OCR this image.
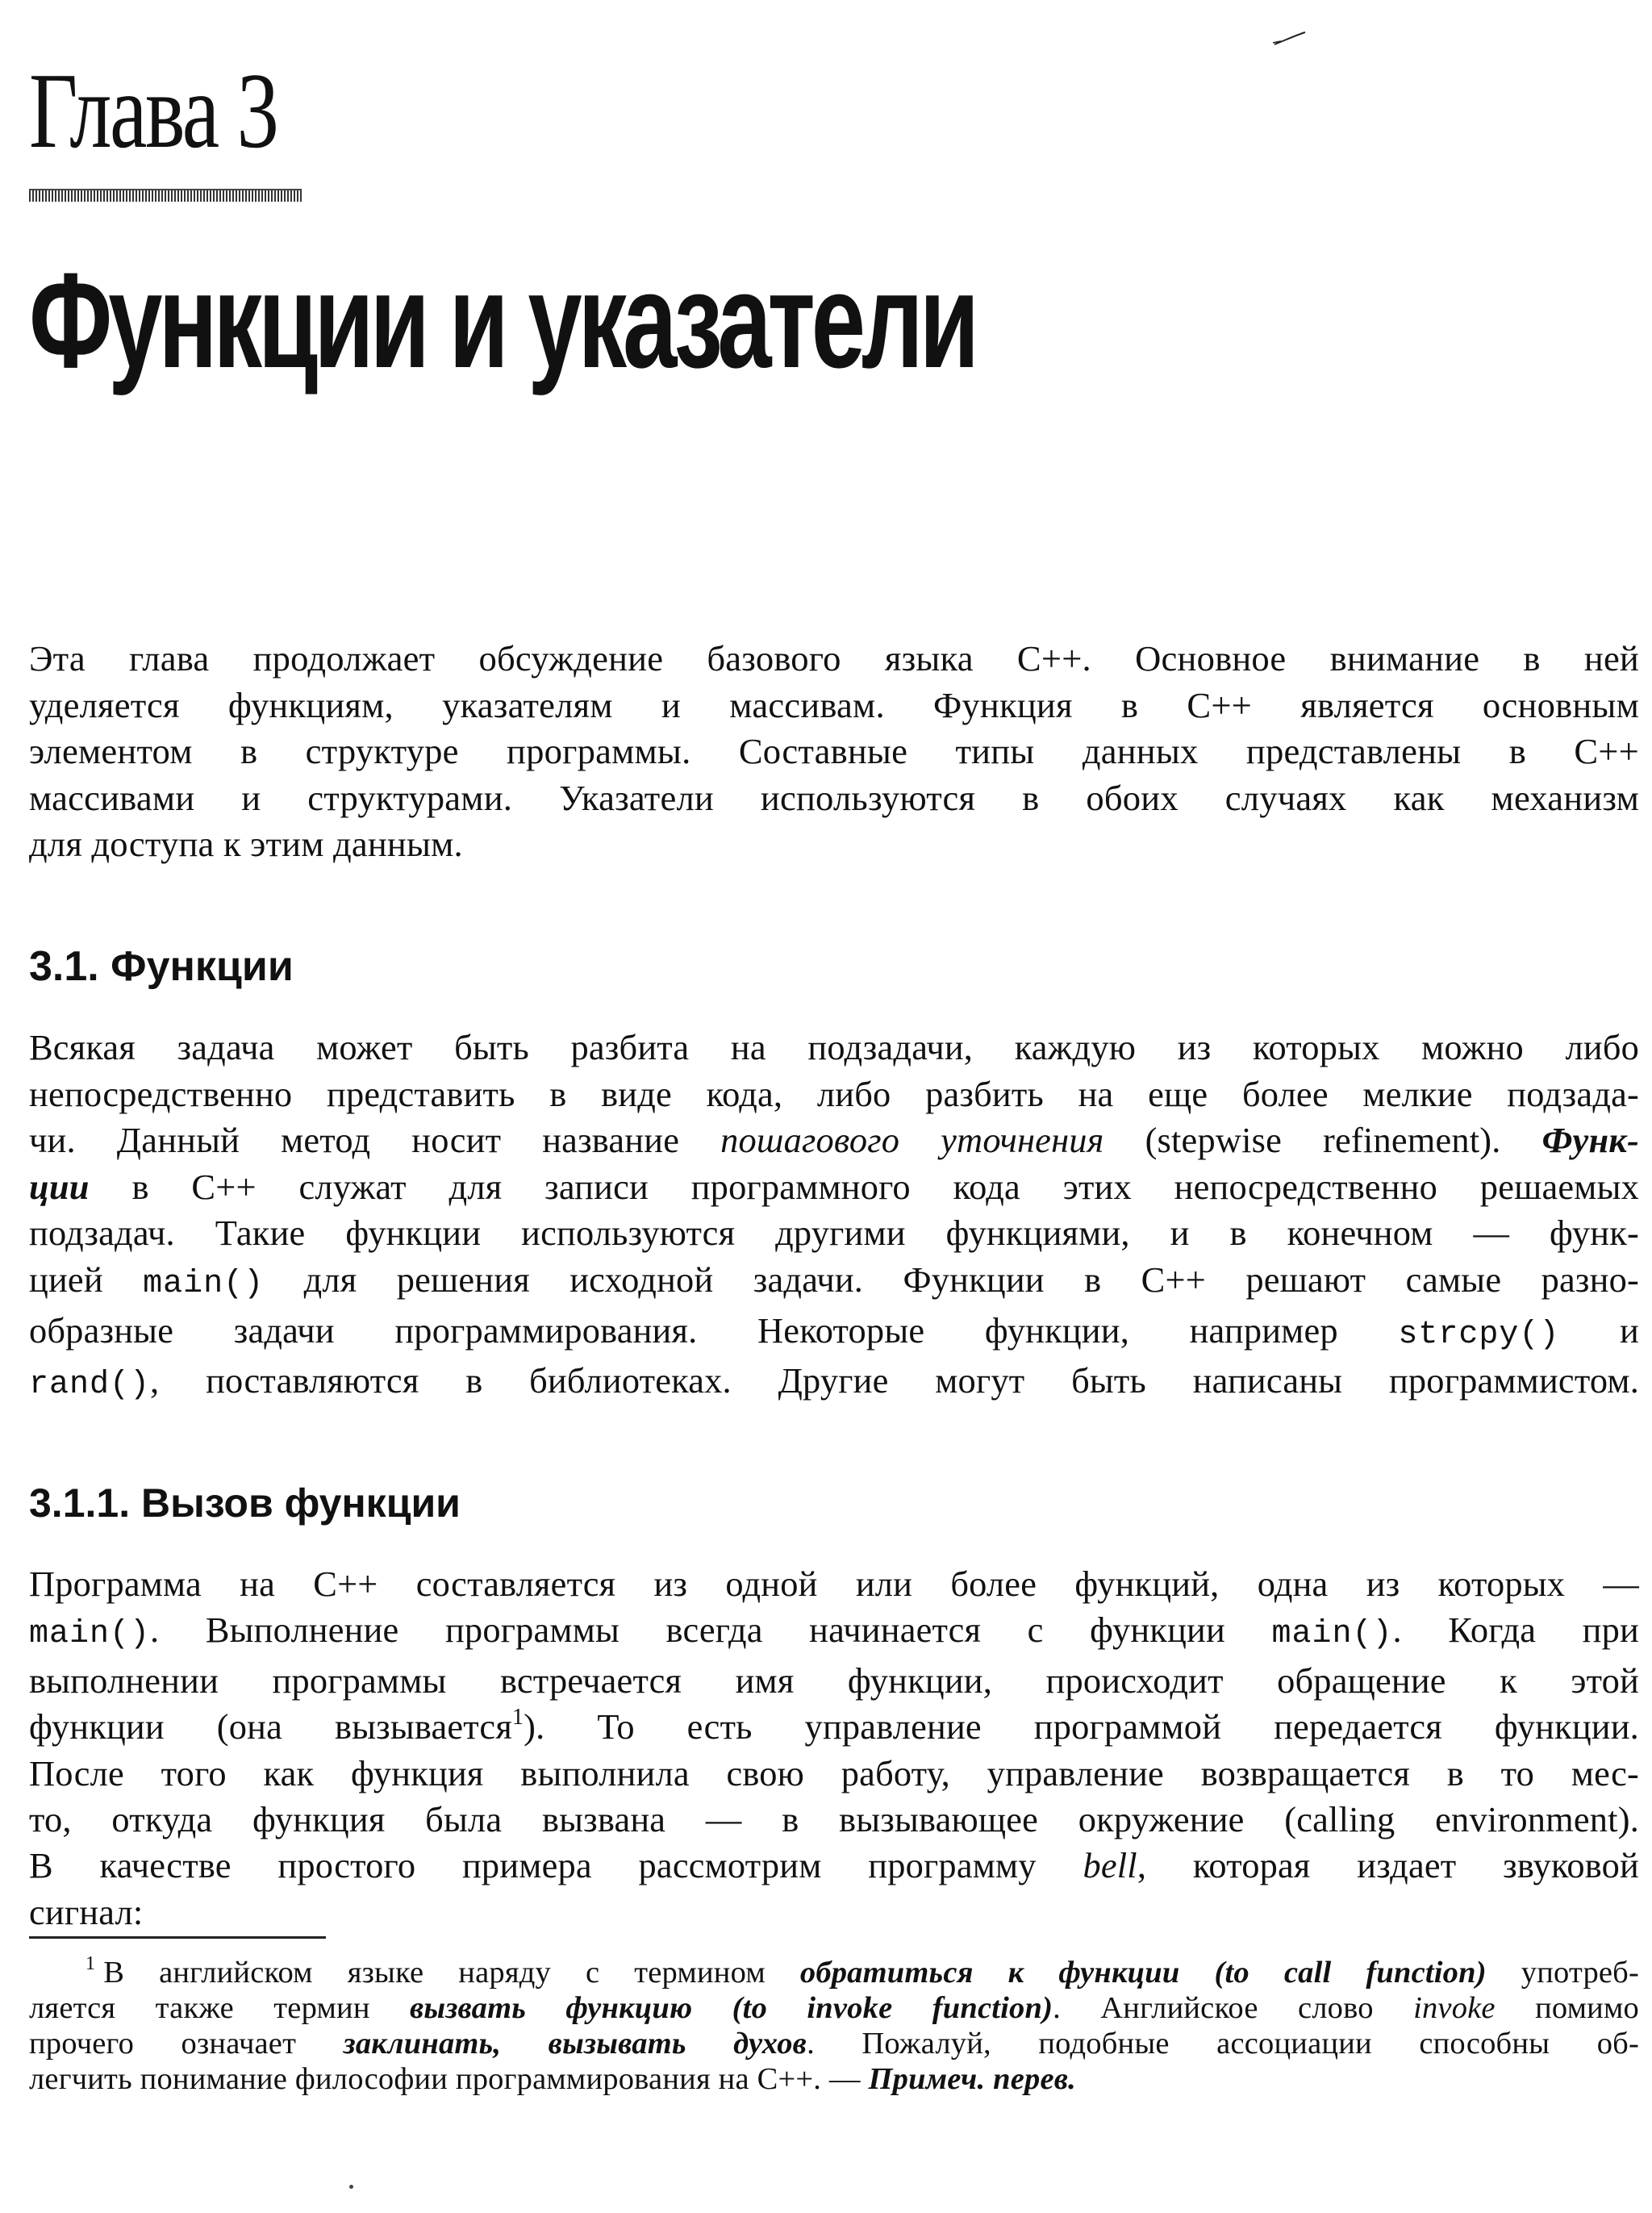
Глава 3
Функции и указатели

Эта глава продолжает обсуждение базового языка C++. Основное внимание в ней
уделяется функциям, указателям и массивам. Функция в С++ является основным
элементом в структуре программы. Составные типы данных представлены в С++
массивами и структурами. Указатели используются в обоих случаях как механизм
для доступа к этим данным.

3.1. Функции

Всякая задача может быть разбита на подзадачи, каждую из которых можно либо
непосредственно представить в виде кода, либо разбить на еще более мелкие подзада-
чи. Данный метод носит название пошагового уточнения (stepwise refinement). Функ-
ции в С++ служат для записи программного кода этих непосредственно решаемых
подзадач. Такие функции используются другими функциями, и в конечном — функ-
цией main() для решения исходной задачи. Функции в С++ решают самые разно-
образные задачи программирования. Некоторые функции, например strcpy() и
rand(), поставляются в библиотеках. Другие могут быть написаны программистом.

3.1.1. Вызов функции

Программа на С++ составляется из одной или более функций, одна из которых —
main(). Выполнение программы всегда начинается с функции main(). Когда при
выполнении программы встречается имя функции, происходит обращение к этой
функции (она вызывается$^1$). То есть управление программой передается функции.
После того как функция выполнила свою работу, управление возвращается в то мес-
то, откуда функция была вызвана — в вызывающее окружение (calling environment).
В качестве простого примера рассмотрим программу bell, которая издает звуковой
сигнал:

$^1$ В английском языке наряду с термином обратиться к функции (to call function) употреб-
ляется также термин вызвать функцию (to invoke function). Английское слово invoke помимо
прочего означает заклинать, вызывать духов. Пожалуй, подобные ассоциации способны об-
легчить понимание философии программирования на С++. — Примеч. перев.
